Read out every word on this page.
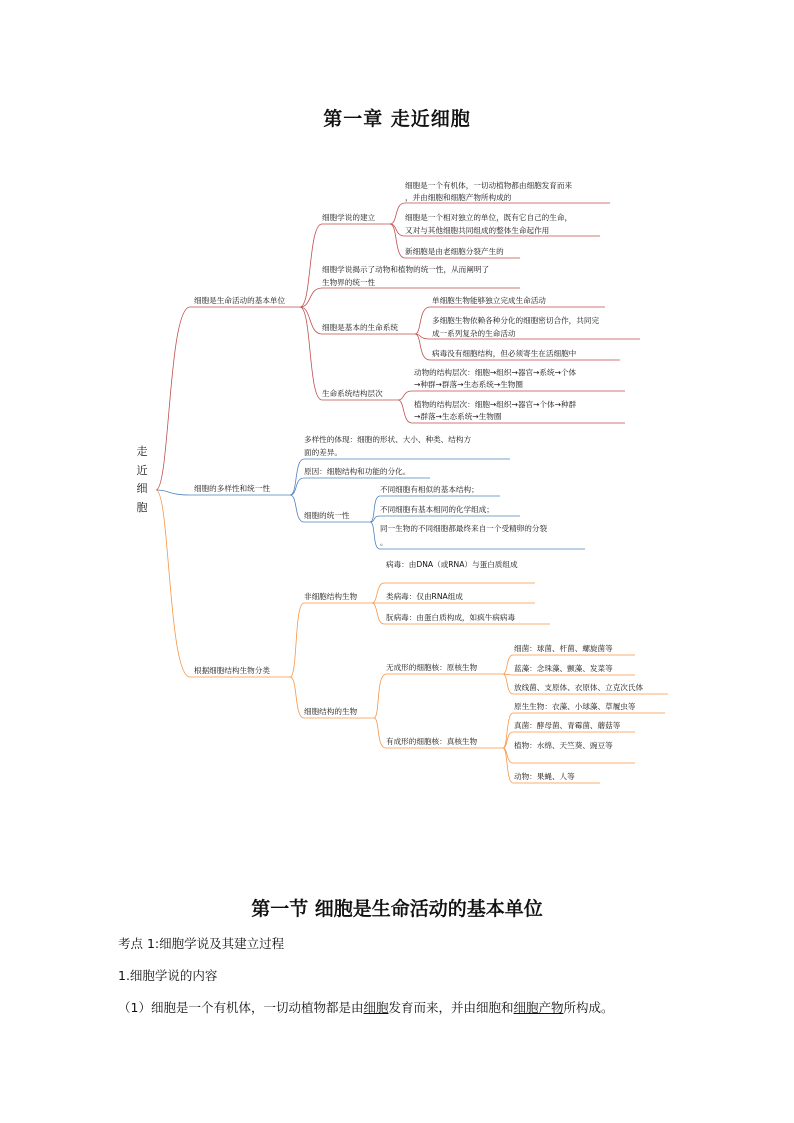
第一章 走近细胞
细胞是生命活动的基本单位
细胞学说的建立
细胞是一个有机体，一切动植物都由细胞发育而来
，并由细胞和细胞产物所构成的
细胞是一个相对独立的单位，既有它自己的生命，
又对与其他细胞共同组成的整体生命起作用
新细胞是由老细胞分裂产生的
细胞学说揭示了动物和植物的统一性，从而阐明了
生物界的统一性
细胞是基本的生命系统
单细胞生物能够独立完成生命活动
多细胞生物依赖各种分化的细胞密切合作，共同完
成一系列复杂的生命活动
病毒没有细胞结构，但必须寄生在活细胞中
生命系统结构层次
动物的结构层次：细胞→组织→器官→系统→个体
→种群→群落→生态系统→生物圈
植物的结构层次：细胞→组织→器官→个体→种群
→群落→生态系统→生物圈
细胞的多样性和统一性
多样性的体现：细胞的形状、大小、种类、结构方
面的差异。
原因：细胞结构和功能的分化。
细胞的统一性
不同细胞有相似的基本结构；
不同细胞有基本相同的化学组成；
同一生物的不同细胞都最终来自一个受精卵的分裂
。
根据细胞结构生物分类
非细胞结构生物
病毒：由DNA（或RNA）与蛋白质组成
类病毒：仅由RNA组成
朊病毒：由蛋白质构成，如疯牛病病毒
细胞结构的生物
无成形的细胞核：原核生物
细菌：球菌、杆菌、螺旋菌等
蓝藻：念珠藻、颤藻、发菜等
放线菌、支原体、衣原体、立克次氏体
有成形的细胞核：真核生物
原生生物：衣藻、小球藻、草履虫等
真菌：酵母菌、青霉菌、蘑菇等
植物：水绵、天竺葵、豌豆等
动物：果蝇、人等
走
近
细
胞
第一节 细胞是生命活动的基本单位
考点 1:细胞学说及其建立过程
1.细胞学说的内容
（1）细胞是一个有机体，一切动植物都是由细胞发育而来，并由细胞和细胞产物所构成。
